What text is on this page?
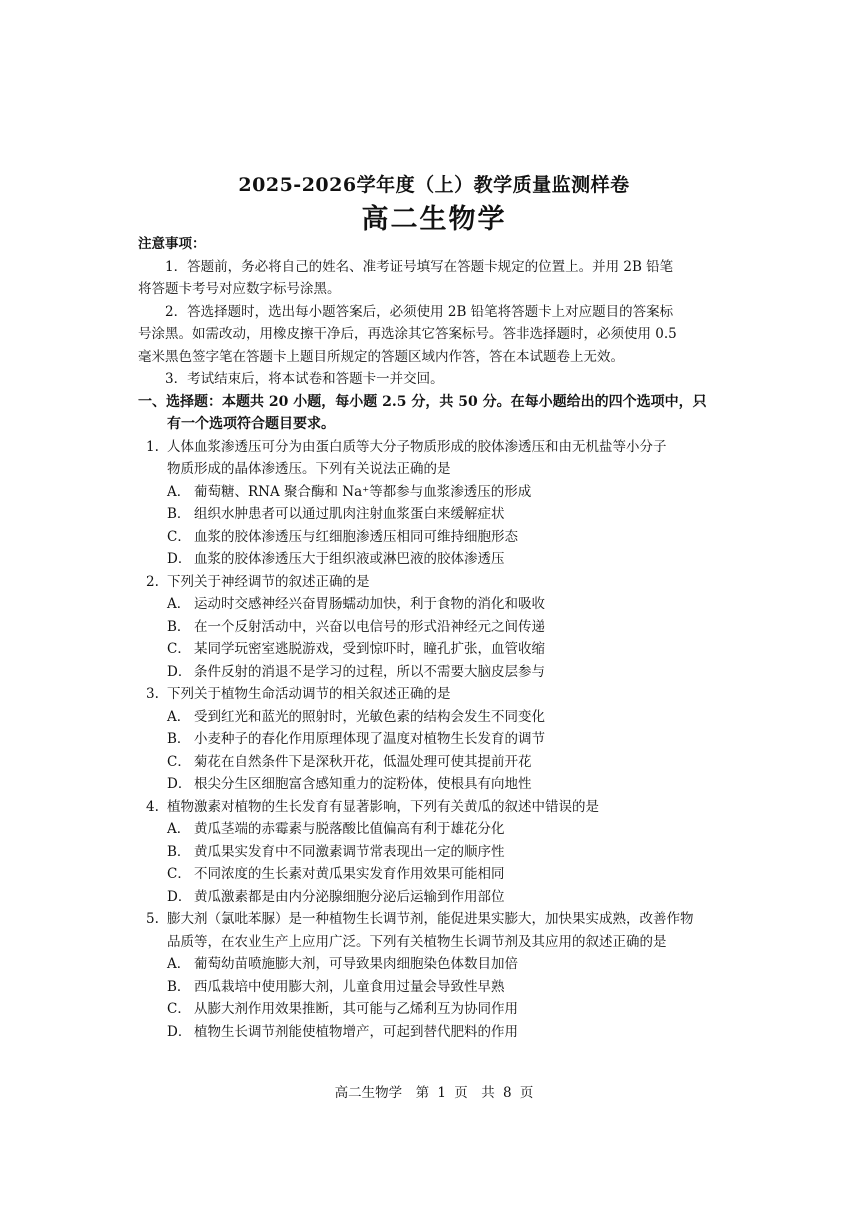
2025-2026学年度（上）教学质量监测样卷
高二生物学
注意事项：
1．答题前，务必将自己的姓名、准考证号填写在答题卡规定的位置上。并用 2B 铅笔
将答题卡考号对应数字标号涂黑。
2．答选择题时，选出每小题答案后，必须使用 2B 铅笔将答题卡上对应题目的答案标
号涂黑。如需改动，用橡皮擦干净后，再选涂其它答案标号。答非选择题时，必须使用 0.5
毫米黑色签字笔在答题卡上题目所规定的答题区域内作答，答在本试题卷上无效。
3．考试结束后，将本试卷和答题卡一并交回。
一、选择题：本题共 20 小题，每小题 2.5 分，共 50 分。在每小题给出的四个选项中，只
有一个选项符合题目要求。
1. 人体血浆渗透压可分为由蛋白质等大分子物质形成的胶体渗透压和由无机盐等小分子
物质形成的晶体渗透压。下列有关说法正确的是
A． 葡萄糖、RNA 聚合酶和 Na⁺等都参与血浆渗透压的形成
B． 组织水肿患者可以通过肌肉注射血浆蛋白来缓解症状
C． 血浆的胶体渗透压与红细胞渗透压相同可维持细胞形态
D． 血浆的胶体渗透压大于组织液或淋巴液的胶体渗透压
2. 下列关于神经调节的叙述正确的是
A． 运动时交感神经兴奋胃肠蠕动加快，利于食物的消化和吸收
B． 在一个反射活动中，兴奋以电信号的形式沿神经元之间传递
C． 某同学玩密室逃脱游戏，受到惊吓时，瞳孔扩张，血管收缩
D． 条件反射的消退不是学习的过程，所以不需要大脑皮层参与
3. 下列关于植物生命活动调节的相关叙述正确的是
A． 受到红光和蓝光的照射时，光敏色素的结构会发生不同变化
B． 小麦种子的春化作用原理体现了温度对植物生长发育的调节
C． 菊花在自然条件下是深秋开花，低温处理可使其提前开花
D． 根尖分生区细胞富含感知重力的淀粉体，使根具有向地性
4. 植物激素对植物的生长发育有显著影响，下列有关黄瓜的叙述中错误的是
A． 黄瓜茎端的赤霉素与脱落酸比值偏高有利于雄花分化
B． 黄瓜果实发育中不同激素调节常表现出一定的顺序性
C． 不同浓度的生长素对黄瓜果实发育作用效果可能相同
D． 黄瓜激素都是由内分泌腺细胞分泌后运输到作用部位
5. 膨大剂（氯吡苯脲）是一种植物生长调节剂，能促进果实膨大，加快果实成熟，改善作物
品质等，在农业生产上应用广泛。下列有关植物生长调节剂及其应用的叙述正确的是
A． 葡萄幼苗喷施膨大剂，可导致果肉细胞染色体数目加倍
B． 西瓜栽培中使用膨大剂，儿童食用过量会导致性早熟
C． 从膨大剂作用效果推断，其可能与乙烯利互为协同作用
D． 植物生长调节剂能使植物增产，可起到替代肥料的作用
高二生物学　第 1 页　共 8 页
